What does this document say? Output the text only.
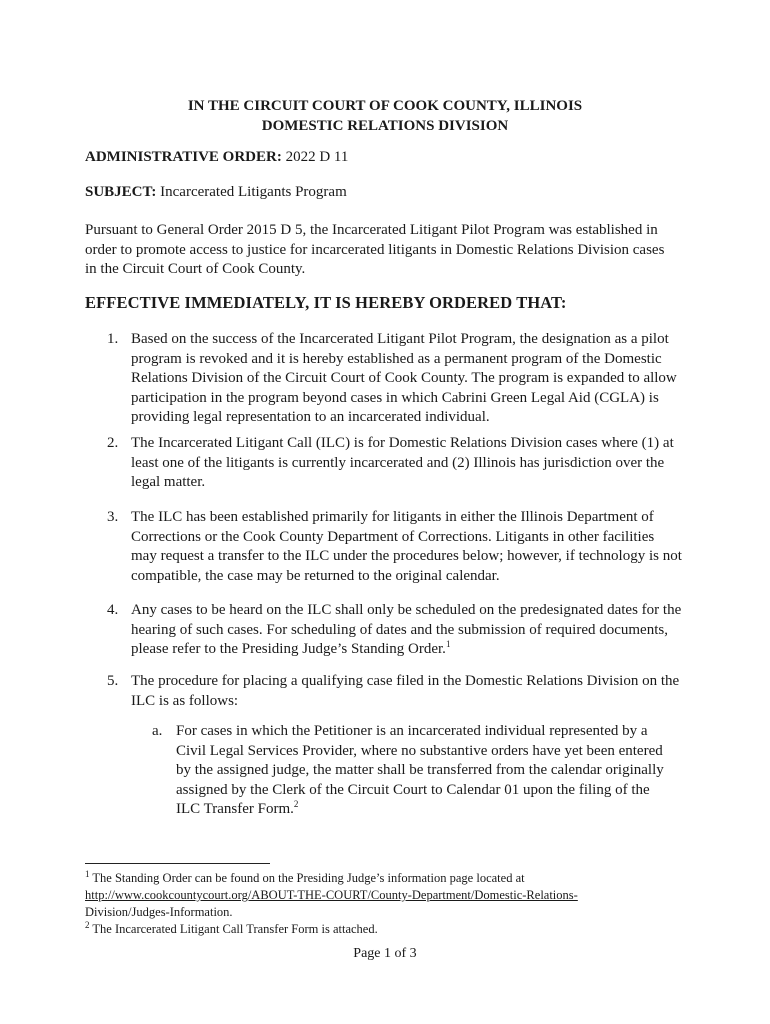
IN THE CIRCUIT COURT OF COOK COUNTY, ILLINOIS
DOMESTIC RELATIONS DIVISION
ADMINISTRATIVE ORDER: 2022 D 11
SUBJECT: Incarcerated Litigants Program
Pursuant to General Order 2015 D 5, the Incarcerated Litigant Pilot Program was established in order to promote access to justice for incarcerated litigants in Domestic Relations Division cases in the Circuit Court of Cook County.
EFFECTIVE IMMEDIATELY, IT IS HEREBY ORDERED THAT:
1. Based on the success of the Incarcerated Litigant Pilot Program, the designation as a pilot program is revoked and it is hereby established as a permanent program of the Domestic Relations Division of the Circuit Court of Cook County. The program is expanded to allow participation in the program beyond cases in which Cabrini Green Legal Aid (CGLA) is providing legal representation to an incarcerated individual.
2. The Incarcerated Litigant Call (ILC) is for Domestic Relations Division cases where (1) at least one of the litigants is currently incarcerated and (2) Illinois has jurisdiction over the legal matter.
3. The ILC has been established primarily for litigants in either the Illinois Department of Corrections or the Cook County Department of Corrections. Litigants in other facilities may request a transfer to the ILC under the procedures below; however, if technology is not compatible, the case may be returned to the original calendar.
4. Any cases to be heard on the ILC shall only be scheduled on the predesignated dates for the hearing of such cases. For scheduling of dates and the submission of required documents, please refer to the Presiding Judge’s Standing Order.$^1$
5. The procedure for placing a qualifying case filed in the Domestic Relations Division on the ILC is as follows:
a. For cases in which the Petitioner is an incarcerated individual represented by a Civil Legal Services Provider, where no substantive orders have yet been entered by the assigned judge, the matter shall be transferred from the calendar originally assigned by the Clerk of the Circuit Court to Calendar 01 upon the filing of the ILC Transfer Form.$^2$
$^1$ The Standing Order can be found on the Presiding Judge’s information page located at
http://www.cookcountycourt.org/ABOUT-THE-COURT/County-Department/Domestic-Relations-
Division/Judges-Information.
$^2$ The Incarcerated Litigant Call Transfer Form is attached.
Page 1 of 3
